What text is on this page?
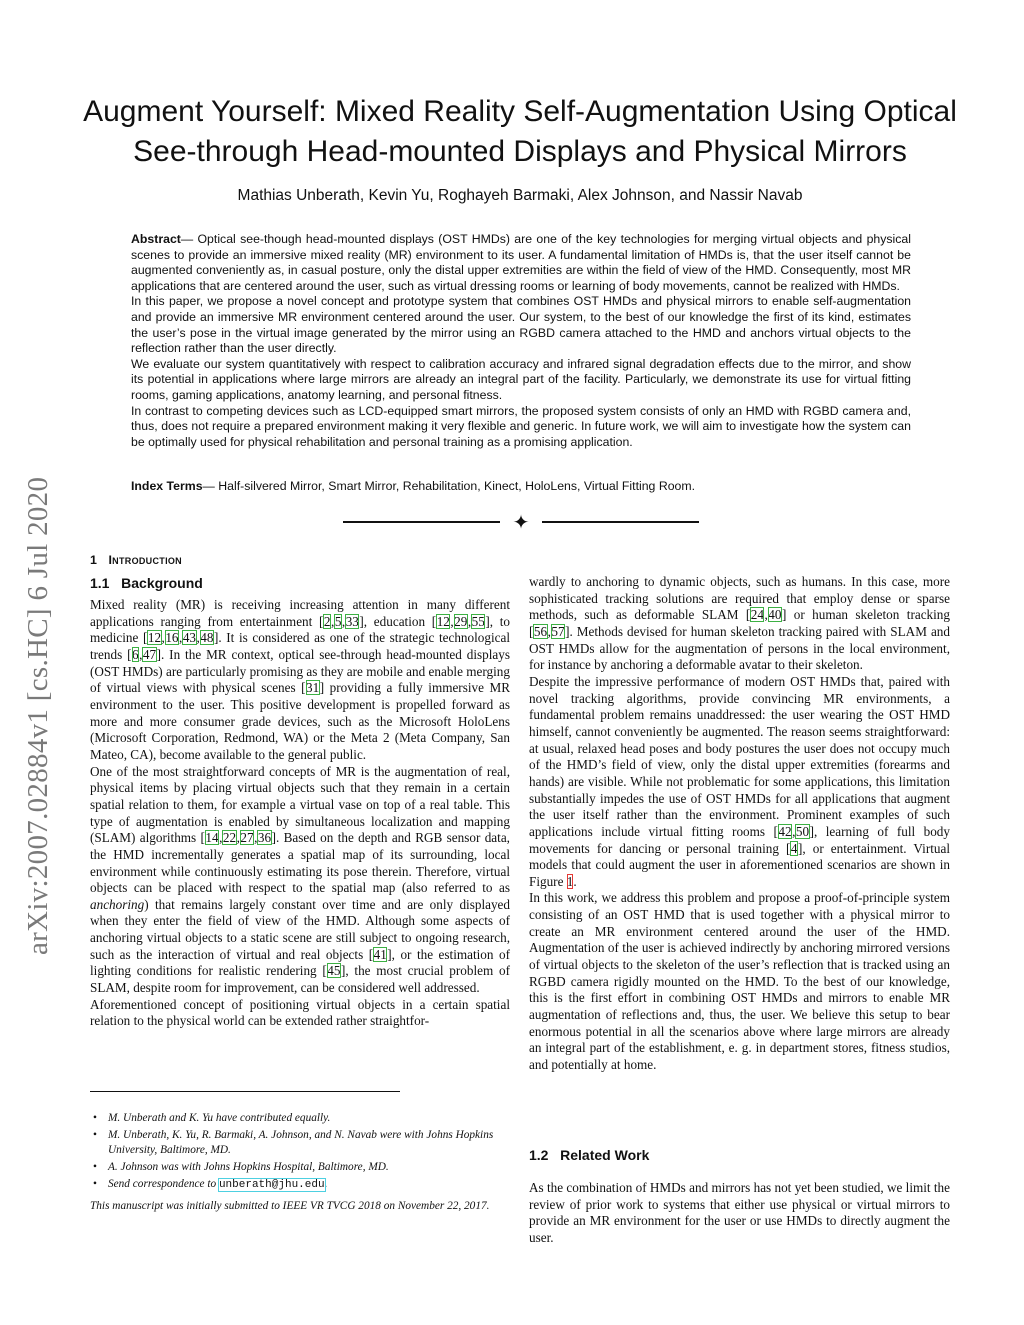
arXiv:2007.02884v1 [cs.HC] 6 Jul 2020
Augment Yourself: Mixed Reality Self-Augmentation Using Optical
See-through Head-mounted Displays and Physical Mirrors
Mathias Unberath, Kevin Yu, Roghayeh Barmaki, Alex Johnson, and Nassir Navab

Abstract— Optical see-though head-mounted displays (OST HMDs) are one of the key technologies for merging virtual objects and physical scenes to provide an immersive mixed reality (MR) environment to its user. A fundamental limitation of HMDs is, that the user itself cannot be augmented conveniently as, in casual posture, only the distal upper extremities are within the field of view of the HMD. Consequently, most MR applications that are centered around the user, such as virtual dressing rooms or learning of body movements, cannot be realized with HMDs.

In this paper, we propose a novel concept and prototype system that combines OST HMDs and physical mirrors to enable self-augmentation and provide an immersive MR environment centered around the user. Our system, to the best of our knowledge the first of its kind, estimates the user’s pose in the virtual image generated by the mirror using an RGBD camera attached to the HMD and anchors virtual objects to the reflection rather than the user directly.

We evaluate our system quantitatively with respect to calibration accuracy and infrared signal degradation effects due to the mirror, and show its potential in applications where large mirrors are already an integral part of the facility. Particularly, we demonstrate its use for virtual fitting rooms, gaming applications, anatomy learning, and personal fitness.

In contrast to competing devices such as LCD-equipped smart mirrors, the proposed system consists of only an HMD with RGBD camera and, thus, does not require a prepared environment making it very flexible and generic. In future work, we will aim to investigate how the system can be optimally used for physical rehabilitation and personal training as a promising application.

Index Terms— Half-silvered Mirror, Smart Mirror, Rehabilitation, Kinect, HoloLens, Virtual Fitting Room.
✦
1 Introduction
1.1 Background

Mixed reality (MR) is receiving increasing attention in many different applications ranging from entertainment [2,5,33], education [12,29,55], to medicine [12,16,43,48]. It is considered as one of the strategic technological trends [6,47]. In the MR context, optical see-through head-mounted displays (OST HMDs) are particularly promising as they are mobile and enable merging of virtual views with physical scenes [31] providing a fully immersive MR environment to the user. This positive development is propelled forward as more and more consumer grade devices, such as the Microsoft HoloLens (Microsoft Corporation, Redmond, WA) or the Meta 2 (Meta Company, San Mateo, CA), become available to the general public.

One of the most straightforward concepts of MR is the augmentation of real, physical items by placing virtual objects such that they remain in a certain spatial relation to them, for example a virtual vase on top of a real table. This type of augmentation is enabled by simultaneous localization and mapping (SLAM) algorithms [14,22,27,36]. Based on the depth and RGB sensor data, the HMD incrementally generates a spatial map of its surrounding, local environment while continuously estimating its pose therein. Therefore, virtual objects can be placed with respect to the spatial map (also referred to as anchoring) that remains largely constant over time and are only displayed when they enter the field of view of the HMD. Although some aspects of anchoring virtual objects to a static scene are still subject to ongoing research, such as the interaction of virtual and real objects [41], or the estimation of lighting conditions for realistic rendering [45], the most crucial problem of SLAM, despite room for improvement, can be considered well addressed.

Aforementioned concept of positioning virtual objects in a certain spatial relation to the physical world can be extended rather straightfor-

• M. Unberath and K. Yu have contributed equally.
• M. Unberath, K. Yu, R. Barmaki, A. Johnson, and N. Navab were with Johns Hopkins University, Baltimore, MD.
• A. Johnson was with Johns Hopkins Hospital, Baltimore, MD.
• Send correspondence to unberath@jhu.edu.
This manuscript was initially submitted to IEEE VR TVCG 2018 on November 22, 2017.

wardly to anchoring to dynamic objects, such as humans. In this case, more sophisticated tracking solutions are required that employ dense or sparse methods, such as deformable SLAM [24,40] or human skeleton tracking [56,57]. Methods devised for human skeleton tracking paired with SLAM and OST HMDs allow for the augmentation of persons in the local environment, for instance by anchoring a deformable avatar to their skeleton.

Despite the impressive performance of modern OST HMDs that, paired with novel tracking algorithms, provide convincing MR environments, a fundamental problem remains unaddressed: the user wearing the OST HMD himself, cannot conveniently be augmented. The reason seems straightforward: at usual, relaxed head poses and body postures the user does not occupy much of the HMD’s field of view, only the distal upper extremities (forearms and hands) are visible. While not problematic for some applications, this limitation substantially impedes the use of OST HMDs for all applications that augment the user itself rather than the environment. Prominent examples of such applications include virtual fitting rooms [42,50], learning of full body movements for dancing or personal training [4], or entertainment. Virtual models that could augment the user in aforementioned scenarios are shown in Figure 1.

In this work, we address this problem and propose a proof-of-principle system consisting of an OST HMD that is used together with a physical mirror to create an MR environment centered around the user of the HMD. Augmentation of the user is achieved indirectly by anchoring mirrored versions of virtual objects to the skeleton of the user’s reflection that is tracked using an RGBD camera rigidly mounted on the HMD. To the best of our knowledge, this is the first effort in combining OST HMDs and mirrors to enable MR augmentation of reflections and, thus, the user. We believe this setup to bear enormous potential in all the scenarios above where large mirrors are already an integral part of the establishment, e. g. in department stores, fitness studios, and potentially at home.

1.2 Related Work
As the combination of HMDs and mirrors has not yet been studied, we limit the review of prior work to systems that either use physical or virtual mirrors to provide an MR environment for the user or use HMDs to directly augment the user.
